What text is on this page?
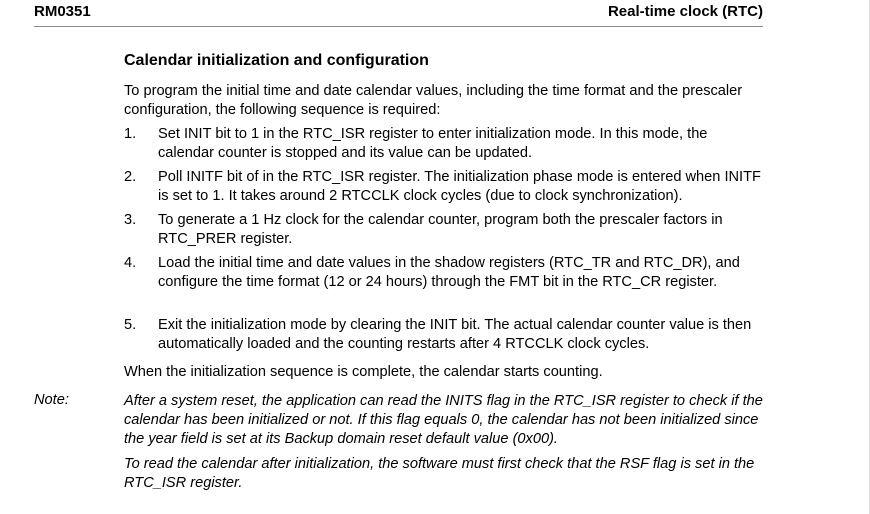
RM0351	Real-time clock (RTC)
Calendar initialization and configuration
To program the initial time and date calendar values, including the time format and the prescaler configuration, the following sequence is required:
1. Set INIT bit to 1 in the RTC_ISR register to enter initialization mode. In this mode, the calendar counter is stopped and its value can be updated.
2. Poll INITF bit of in the RTC_ISR register. The initialization phase mode is entered when INITF is set to 1. It takes around 2 RTCCLK clock cycles (due to clock synchronization).
3. To generate a 1 Hz clock for the calendar counter, program both the prescaler factors in RTC_PRER register.
4. Load the initial time and date values in the shadow registers (RTC_TR and RTC_DR), and configure the time format (12 or 24 hours) through the FMT bit in the RTC_CR register.
5. Exit the initialization mode by clearing the INIT bit. The actual calendar counter value is then automatically loaded and the counting restarts after 4 RTCCLK clock cycles.
When the initialization sequence is complete, the calendar starts counting.
Note:	After a system reset, the application can read the INITS flag in the RTC_ISR register to check if the calendar has been initialized or not. If this flag equals 0, the calendar has not been initialized since the year field is set at its Backup domain reset default value (0x00).
To read the calendar after initialization, the software must first check that the RSF flag is set in the RTC_ISR register.
